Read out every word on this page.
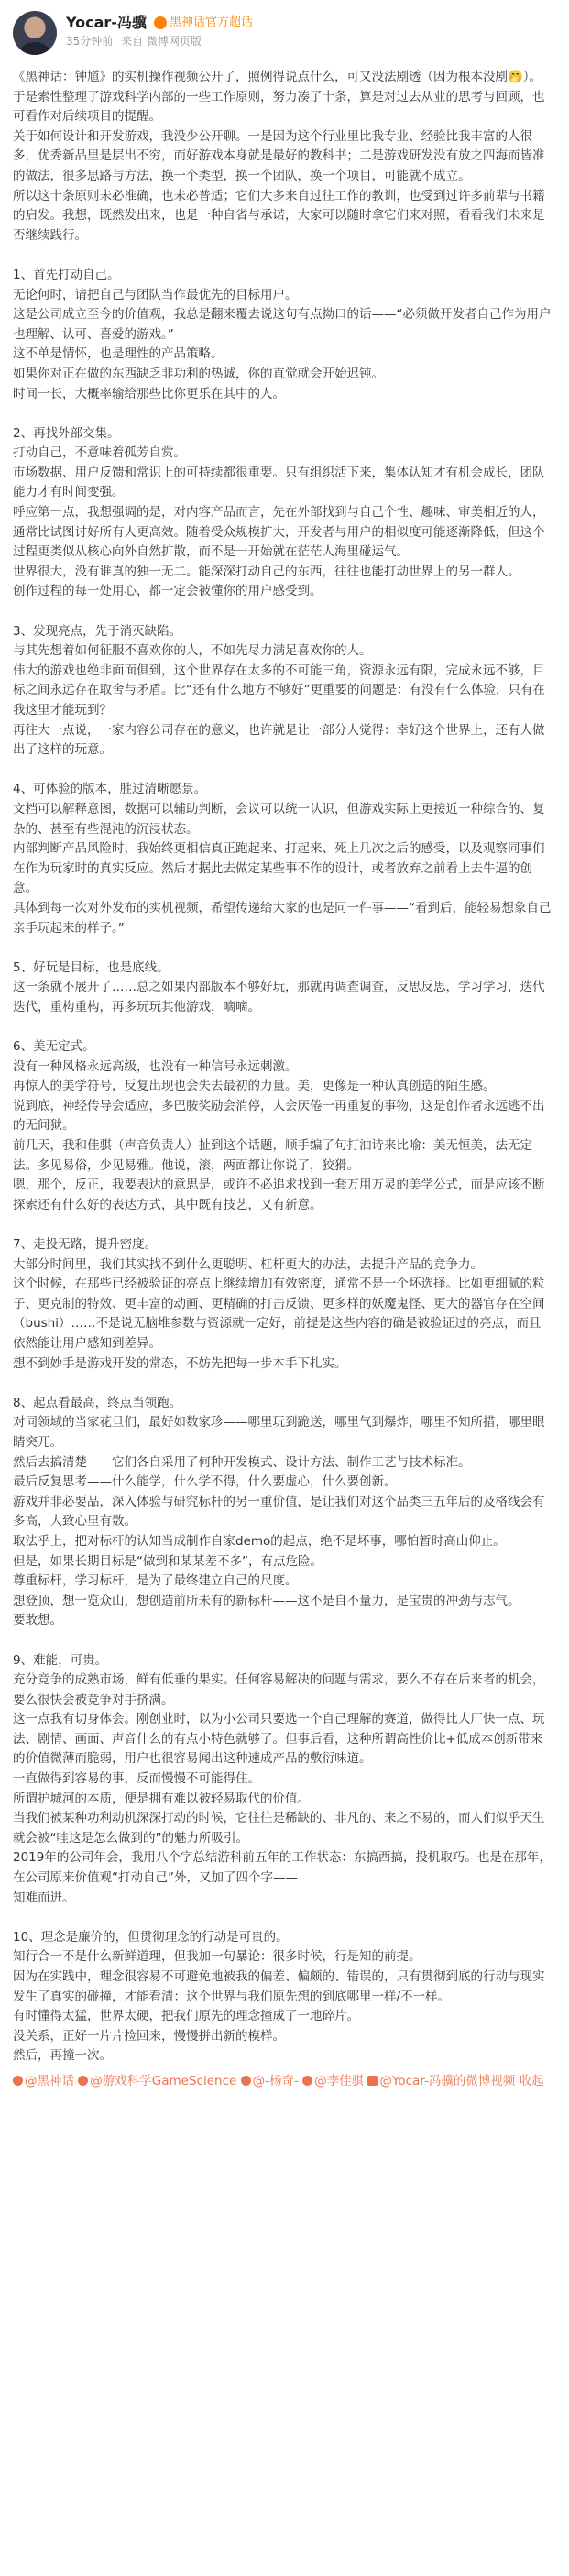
Yocar-冯骥 黑神话官方超话
35分钟前 来自 微博网页版

《黑神话：钟馗》的实机操作视频公开了，照例得说点什么，可又没法剧透（因为根本没剧🤭）。于是索性整理了游戏科学内部的一些工作原则，努力凑了十条，算是对过去从业的思考与回顾，也可看作对后续项目的提醒。

关于如何设计和开发游戏，我没少公开聊。一是因为这个行业里比我专业、经验比我丰富的人很多，优秀新品里是层出不穷，而好游戏本身就是最好的教科书；二是游戏研发没有放之四海而皆准的做法，很多思路与方法，换一个类型，换一个团队，换一个项目，可能就不成立。

所以这十条原则未必准确，也未必普适；它们大多来自过往工作的教训，也受到过许多前辈与书籍的启发。我想，既然发出来，也是一种自省与承诺，大家可以随时拿它们来对照，看看我们未来是否继续践行。

1、首先打动自己。

无论何时，请把自己与团队当作最优先的目标用户。

这是公司成立至今的价值观，我总是翻来覆去说这句有点拗口的话——“必须做开发者自己作为用户也理解、认可、喜爱的游戏。”

这不单是情怀，也是理性的产品策略。

如果你对正在做的东西缺乏非功利的热诚，你的直觉就会开始迟钝。

时间一长，大概率输给那些比你更乐在其中的人。

2、再找外部交集。

打动自己，不意味着孤芳自赏。

市场数据、用户反馈和常识上的可持续都很重要。只有组织活下来，集体认知才有机会成长，团队能力才有时间变强。

呼应第一点，我想强调的是，对内容产品而言，先在外部找到与自己个性、趣味、审美相近的人，通常比试图讨好所有人更高效。随着受众规模扩大，开发者与用户的相似度可能逐渐降低，但这个过程更类似从核心向外自然扩散，而不是一开始就在茫茫人海里碰运气。

世界很大，没有谁真的独一无二。能深深打动自己的东西，往往也能打动世界上的另一群人。

创作过程的每一处用心，都一定会被懂你的用户感受到。

3、发现亮点，先于消灭缺陷。

与其先想着如何征服不喜欢你的人，不如先尽力满足喜欢你的人。

伟大的游戏也绝非面面俱到，这个世界存在太多的不可能三角，资源永远有限，完成永远不够，目标之间永远存在取舍与矛盾。比“还有什么地方不够好”更重要的问题是：有没有什么体验，只有在我这里才能玩到？

再往大一点说，一家内容公司存在的意义，也许就是让一部分人觉得：幸好这个世界上，还有人做出了这样的玩意。

4、可体验的版本，胜过清晰愿景。

文档可以解释意图，数据可以辅助判断，会议可以统一认识，但游戏实际上更接近一种综合的、复杂的、甚至有些混沌的沉浸状态。

内部判断产品风险时，我始终更相信真正跑起来、打起来、死上几次之后的感受，以及观察同事们在作为玩家时的真实反应。然后才据此去做定某些事不作的设计，或者放弃之前看上去牛逼的创意。

具体到每一次对外发布的实机视频，希望传递给大家的也是同一件事——“看到后，能轻易想象自己亲手玩起来的样子。”

5、好玩是目标，也是底线。

这一条就不展开了……总之如果内部版本不够好玩，那就再调查调查，反思反思，学习学习，迭代迭代，重构重构，再多玩玩其他游戏，嘀嘀。

6、美无定式。

没有一种风格永远高级，也没有一种信号永远刺激。

再惊人的美学符号，反复出现也会失去最初的力量。美，更像是一种认真创造的陌生感。

说到底，神经传导会适应，多巴胺奖励会消停，人会厌倦一再重复的事物，这是创作者永远逃不出的无间狱。

前几天，我和佳骐（声音负责人）扯到这个话题，顺手编了句打油诗来比喻：美无恒美，法无定法。多见易俗，少见易雅。他说，滚，两面都让你说了，狡猾。

嗯，那个，反正，我要表达的意思是，或许不必追求找到一套万用万灵的美学公式，而是应该不断探索还有什么好的表达方式，其中既有技艺，又有新意。

7、走投无路，提升密度。

大部分时间里，我们其实找不到什么更聪明、杠杆更大的办法，去提升产品的竞争力。

这个时候，在那些已经被验证的亮点上继续增加有效密度，通常不是一个坏选择。比如更细腻的粒子、更克制的特效、更丰富的动画、更精确的打击反馈、更多样的妖魔鬼怪、更大的器官存在空间（bushi）……不是说无脑堆参数与资源就一定好，前提是这些内容的确是被验证过的亮点，而且依然能让用户感知到差异。

想不到妙手是游戏开发的常态，不妨先把每一步本手下扎实。

8、起点看最高，终点当领跑。

对同领域的当家花旦们，最好如数家珍——哪里玩到跪送，哪里气到爆炸，哪里不知所措，哪里眼睛突兀。

然后去搞清楚——它们各自采用了何种开发模式、设计方法、制作工艺与技术标准。

最后反复思考——什么能学，什么学不得，什么要虚心，什么要创新。

游戏并非必要品，深入体验与研究标杆的另一重价值，是让我们对这个品类三五年后的及格线会有多高，大致心里有数。

取法乎上，把对标杆的认知当成制作自家demo的起点，绝不是坏事，哪怕暂时高山仰止。

但是，如果长期目标是“做到和某某差不多”，有点危险。

尊重标杆，学习标杆，是为了最终建立自己的尺度。

想登顶，想一览众山，想创造前所未有的新标杆——这不是自不量力，是宝贵的冲劲与志气。

要敢想。

9、难能，可贵。

充分竞争的成熟市场，鲜有低垂的果实。任何容易解决的问题与需求，要么不存在后来者的机会，要么很快会被竞争对手挤满。

这一点我有切身体会。刚创业时，以为小公司只要选一个自己理解的赛道，做得比大厂快一点、玩法、剧情、画面、声音什么的有点小特色就够了。但事后看，这种所谓高性价比+低成本创新带来的价值微薄而脆弱，用户也很容易闻出这种速成产品的敷衍味道。

一直做得到容易的事，反而慢慢不可能得住。

所谓护城河的本质，便是拥有难以被轻易取代的价值。

当我们被某种功利动机深深打动的时候，它往往是稀缺的、非凡的、来之不易的，而人们似乎天生就会被“哇这是怎么做到的”的魅力所吸引。

2019年的公司年会，我用八个字总结游科前五年的工作状态：东搞西搞，投机取巧。也是在那年，在公司原来价值观“打动自己”外，又加了四个字——

知难而进。

10、理念是廉价的，但贯彻理念的行动是可贵的。

知行合一不是什么新鲜道理，但我加一句暴论：很多时候，行是知的前提。

因为在实践中，理念很容易不可避免地被我的偏差、偏颇的、错误的，只有贯彻到底的行动与现实发生了真实的碰撞，才能看清：这个世界与我们原先想的到底哪里一样/不一样。

有时懂得太猛，世界太硬，把我们原先的理念撞成了一地碎片。

没关系，正好一片片捡回来，慢慢拼出新的模样。

然后，再撞一次。

@黑神话 @游戏科学GameScience @-杨奇- @李佳骐 @Yocar-冯骥的微博视频 收起
